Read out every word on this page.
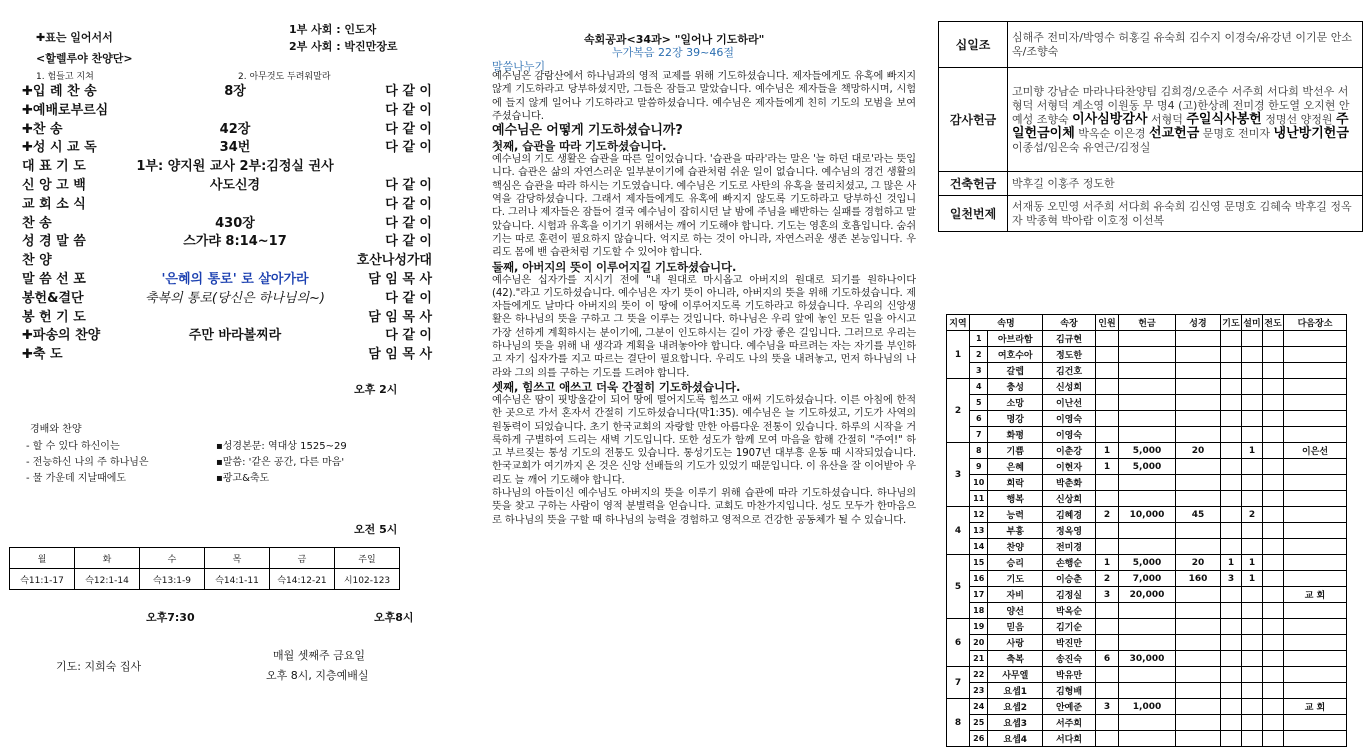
✚표는 일어서서
1부 사회 : 인도자
2부 사회 : 박진만장로
<할렐루야 찬양단>
1. 험들고 지쳐	2. 아무것도 두려워말라
✚입 례 찬 송	8장	다 같 이
✚예배로부르심	다 같 이
✚찬 송	42장	다 같 이
✚성 시 교 독	34번	다 같 이
대 표 기 도	1부: 양지원 교사 2부:김정실 권사
신 앙 고 백	사도신경	다 같 이
교 회 소 식	다 같 이
찬 송	430장	다 같 이
성 경 말 씀	스가랴 8:14~17	다 같 이
찬 양	호산나성가대
말 씀 선 포	'은혜의 통로' 로 살아가라	담 임 목 사
봉헌&결단	축복의 통로(당신은 하나님의~)	다 같 이
봉 헌 기 도	담 임 목 사
✚파송의 찬양	주만 바라볼찌라	다 같 이
✚축 도	담 임 목 사
오후 2시
경배와 찬양
- 할 수 있다 하신이는
- 전능하신 나의 주 하나님은
- 물 가운데 지날때에도
▪성경본문: 역대상 1525~29
▪말씀: '같은 공간, 다른 마음'
▪광고&축도
오전 5시
월	화	수	목	금	주일
슥11:1-17	슥12:1-14	슥13:1-9	슥14:1-11	슥14:12-21	시102-123
오후7:30	오후8시
기도: 지희숙 집사
매월 셋째주 금요일
오후 8시, 지층예배실
속회공과<34과> "일어나 기도하라"
누가복음 22장 39~46절
말씀나누기

예수님은 감람산에서 하나님과의 영적 교제를 위해 기도하셨습니다. 제자들에게도 유혹에 빠지지 않게 기도하라고 당부하셨지만, 그들은 잠들고 말았습니다. 예수님은 제자들을 책망하시며, 시험에 들지 않게 일어나 기도하라고 말씀하셨습니다. 예수님은 제자들에게 친히 기도의 모범을 보여 주셨습니다.

예수님은 어떻게 기도하셨습니까?

첫째, 습관을 따라 기도하셨습니다.

예수님의 기도 생활은 습관을 따른 일이었습니다. '습관을 따라'라는 말은 '늘 하던 대로'라는 뜻입니다. 습관은 삶의 자연스러운 일부분이기에 습관처럼 쉬운 일이 없습니다. 예수님의 경건 생활의 핵심은 습관을 따라 하시는 기도였습니다. 예수님은 기도로 사탄의 유혹을 물리치셨고, 그 많은 사역을 감당하셨습니다. 그래서 제자들에게도 유혹에 빠지지 않도록 기도하라고 당부하신 것입니다. 그러나 제자들은 잠들어 결국 예수님이 잡히시던 날 밤에 주님을 배반하는 실패를 경험하고 말았습니다. 시험과 유혹을 이기기 위해서는 깨어 기도해야 합니다. 기도는 영혼의 호흡입니다. 숨쉬기는 따로 훈련이 필요하지 않습니다. 억지로 하는 것이 아니라, 자연스러운 생존 본능입니다. 우리도 몸에 밴 습관처럼 기도할 수 있어야 합니다.

둘째, 아버지의 뜻이 이루어지길 기도하셨습니다.

예수님은 십자가를 지시기 전에 "내 원대로 마시옵고 아버지의 원대로 되기를 원하나이다(42)."라고 기도하셨습니다. 예수님은 자기 뜻이 아니라, 아버지의 뜻을 위해 기도하셨습니다. 제자들에게도 날마다 아버지의 뜻이 이 땅에 이루어지도록 기도하라고 하셨습니다. 우리의 신앙생활은 하나님의 뜻을 구하고 그 뜻을 이루는 것입니다. 하나님은 우리 앞에 놓인 모든 일을 아시고 가장 선하게 계획하시는 분이기에, 그분이 인도하시는 길이 가장 좋은 길입니다. 그러므로 우리는 하나님의 뜻을 위해 내 생각과 계획을 내려놓아야 합니다. 예수님을 따르려는 자는 자기를 부인하고 자기 십자가를 지고 따르는 결단이 필요합니다. 우리도 나의 뜻을 내려놓고, 먼저 하나님의 나라와 그의 의를 구하는 기도를 드려야 합니다.

셋째, 힘쓰고 애쓰고 더욱 간절히 기도하셨습니다.

예수님은 땀이 핏방울같이 되어 땅에 떨어지도록 힘쓰고 애써 기도하셨습니다. 이른 아침에 한적한 곳으로 가서 혼자서 간절히 기도하셨습니다(막1:35). 예수님은 늘 기도하셨고, 기도가 사역의 원동력이 되었습니다. 초기 한국교회의 자랑할 만한 아름다운 전통이 있습니다. 하루의 시작을 거룩하게 구별하여 드리는 새벽 기도입니다. 또한 성도가 함께 모여 마음을 합해 간절히 "주여!" 하고 부르짖는 통성 기도의 전통도 있습니다. 통성기도는 1907년 대부흥 운동 때 시작되었습니다. 한국교회가 여기까지 온 것은 신앙 선배들의 기도가 있었기 때문입니다. 이 유산을 잘 이어받아 우리도 늘 깨어 기도해야 합니다.

하나님의 아들이신 예수님도 아버지의 뜻을 이루기 위해 습관에 따라 기도하셨습니다. 하나님의 뜻을 찾고 구하는 사람이 영적 분별력을 얻습니다. 교회도 마찬가지입니다. 성도 모두가 한마음으로 하나님의 뜻을 구할 때 하나님의 능력을 경험하고 영적으로 건강한 공동체가 될 수 있습니다.

십일조	심해주 전미자/박영수 허홍길 유숙희 김수지 이경숙/유강년 이기문 안소옥/조향숙
감사헌금	고미향 강남순 마라나타찬양팀 김희경/오준수 서주희 서다희 박선우 서형덕 서형덕 계소영 이원동 무 명4 (고)한상례 전미경 한도열 오지현 안예성 조향숙 이사심방감사 서형덕 주일식사봉헌 정명선 양정원 주일헌금이체 박옥순 이은경 선교헌금 문명호 전미자 냉난방기헌금 이종섭/임은숙 유연근/김정실
건축헌금	박후길 이홍주 정도한
일천번제	서재동 오민영 서주희 서다희 유숙희 김신영 문명호 김혜숙 박후길 정옥자 박종혁 박아람 이호정 이선복
지역	속명		속장	인원	헌금	성경	기도	설미	전도	다음장소
1	1	아브라함	김규현							
	2	여호수아	정도한							
	3	갈렙	김건호							
2	4	충성	신성희							
	5	소망	이난선							
	6	명강	이영숙							
	7	화평	이영숙							
3	8	기쁨	이춘강	1	5,000	20		1		이은선
	9	은혜	이현자	1	5,000					
	10	희락	박춘화							
	11	행복	신상희							
4	12	능력	김혜경	2	10,000	45		2		
	13	부흥	정옥영							
	14	찬양	전미경							
5	15	승리	손행순	1	5,000	20	1	1		
	16	기도	이승춘	2	7,000	160	3	1		
	17	자비	김정실	3	20,000					교 회
	18	양선	박옥순							
6	19	믿음	김기순							
	20	사랑	박진만							
	21	축복	송진숙	6	30,000					
7	22	사무엘	박유만							
	23	요셉1	김형배							
8	24	요셉2	안예준	3	1,000					교 회
	25	요셉3	서주희							
	26	요셉4	서다희							
